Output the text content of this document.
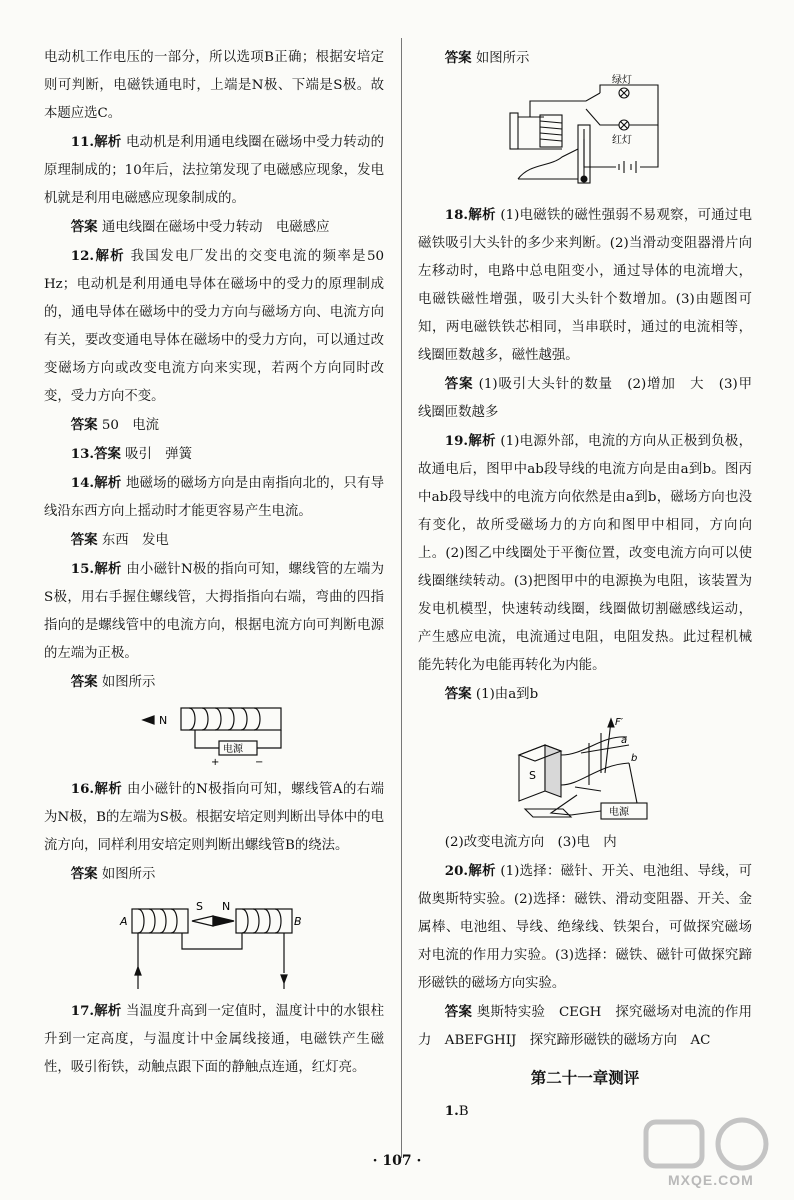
电动机工作电压的一部分，所以选项B正确；根据安培定则可判断，电磁铁通电时，上端是N极、下端是S极。故本题应选C。

11.解析 电动机是利用通电线圈在磁场中受力转动的原理制成的；10年后，法拉第发现了电磁感应现象，发电机就是利用电磁感应现象制成的。

答案 通电线圈在磁场中受力转动　电磁感应

12.解析 我国发电厂发出的交变电流的频率是50 Hz；电动机是利用通电导体在磁场中的受力的原理制成的，通电导体在磁场中的受力方向与磁场方向、电流方向有关，要改变通电导体在磁场中的受力方向，可以通过改变磁场方向或改变电流方向来实现，若两个方向同时改变，受力方向不变。

答案 50　电流

13.答案 吸引　弹簧

14.解析 地磁场的磁场方向是由南指向北的，只有导线沿东西方向上摇动时才能更容易产生电流。

答案 东西　发电

15.解析 由小磁针N极的指向可知，螺线管的左端为S极，用右手握住螺线管，大拇指指向右端，弯曲的四指指向的是螺线管中的电流方向，根据电流方向可判断电源的左端为正极。

答案 如图所示

N
电源
+	−

16.解析 由小磁针的N极指向可知，螺线管A的右端为N极，B的左端为S极。根据安培定则判断出导体中的电流方向，同样利用安培定则判断出螺线管B的绕法。

答案 如图所示

A	B
S N

17.解析 当温度升高到一定值时，温度计中的水银柱升到一定高度，与温度计中金属线接通，电磁铁产生磁性，吸引衔铁，动触点跟下面的静触点连通，红灯亮。

答案 如图所示

绿灯
红灯

18.解析 (1)电磁铁的磁性强弱不易观察，可通过电磁铁吸引大头针的多少来判断。(2)当滑动变阻器滑片向左移动时，电路中总电阻变小，通过导体的电流增大，电磁铁磁性增强，吸引大头针个数增加。(3)由题图可知，两电磁铁铁芯相同，当串联时，通过的电流相等，线圈匝数越多，磁性越强。

答案 (1)吸引大头针的数量　(2)增加　大　(3)甲　线圈匝数越多

19.解析 (1)电源外部，电流的方向从正极到负极，故通电后，图甲中ab段导线的电流方向是由a到b。图丙中ab段导线中的电流方向依然是由a到b，磁场方向也没有变化，故所受磁场力的方向和图甲中相同，方向向上。(2)图乙中线圈处于平衡位置，改变电流方向可以使线圈继续转动。(3)把图甲中的电源换为电阻，该装置为发电机模型，快速转动线圈，线圈做切割磁感线运动，产生感应电流，电流通过电阻，电阻发热。此过程机械能先转化为电能再转化为内能。

答案 (1)由a到b

S
F′
a
b
电源

(2)改变电流方向　(3)电　内

20.解析 (1)选择：磁针、开关、电池组、导线，可做奥斯特实验。(2)选择：磁铁、滑动变阻器、开关、金属棒、电池组、导线、绝缘线、铁架台，可做探究磁场对电流的作用力实验。(3)选择：磁铁、磁针可做探究蹄形磁铁的磁场方向实验。

答案 奥斯特实验　CEGH　探究磁场对电流的作用力　ABEFGHIJ　探究蹄形磁铁的磁场方向　AC

第二十一章测评

1.B

· 107 ·
MXQE.COM
